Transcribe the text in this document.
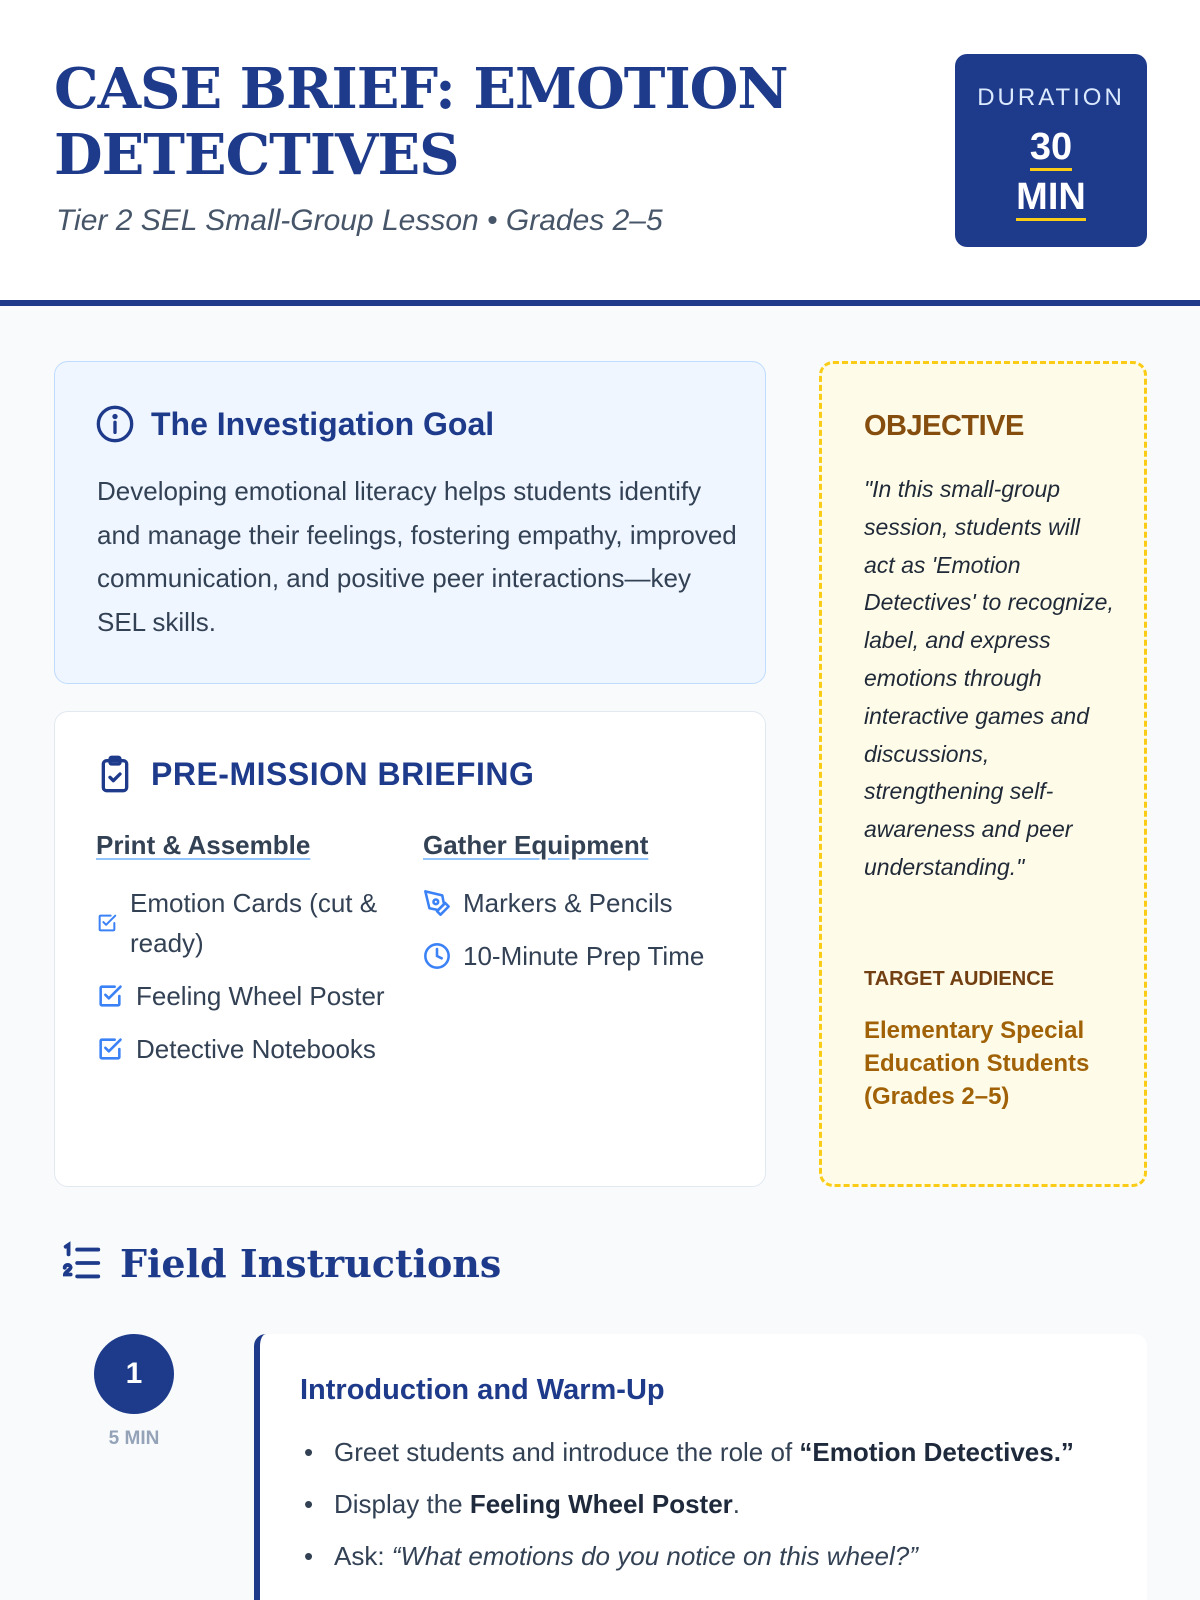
CASE BRIEF: EMOTION DETECTIVES
Tier 2 SEL Small-Group Lesson • Grades 2–5
DURATION
30
MIN
The Investigation Goal

Developing emotional literacy helps students identify and manage their feelings, fostering empathy, improved communication, and positive peer interactions—key SEL skills.

PRE-MISSION BRIEFING
Print & Assemble
Emotion Cards (cut & ready)
Feeling Wheel Poster
Detective Notebooks
Gather Equipment
Markers & Pencils
10-Minute Prep Time
OBJECTIVE

"In this small-group session, students will act as 'Emotion Detectives' to recognize, label, and express emotions through interactive games and discussions, strengthening self-awareness and peer understanding."

TARGET AUDIENCE
Elementary Special Education Students (Grades 2–5)
Field Instructions
1
5 MIN
Introduction and Warm-Up
• Greet students and introduce the role of “Emotion Detectives.”
• Display the Feeling Wheel Poster.
• Ask: “What emotions do you notice on this wheel?”
